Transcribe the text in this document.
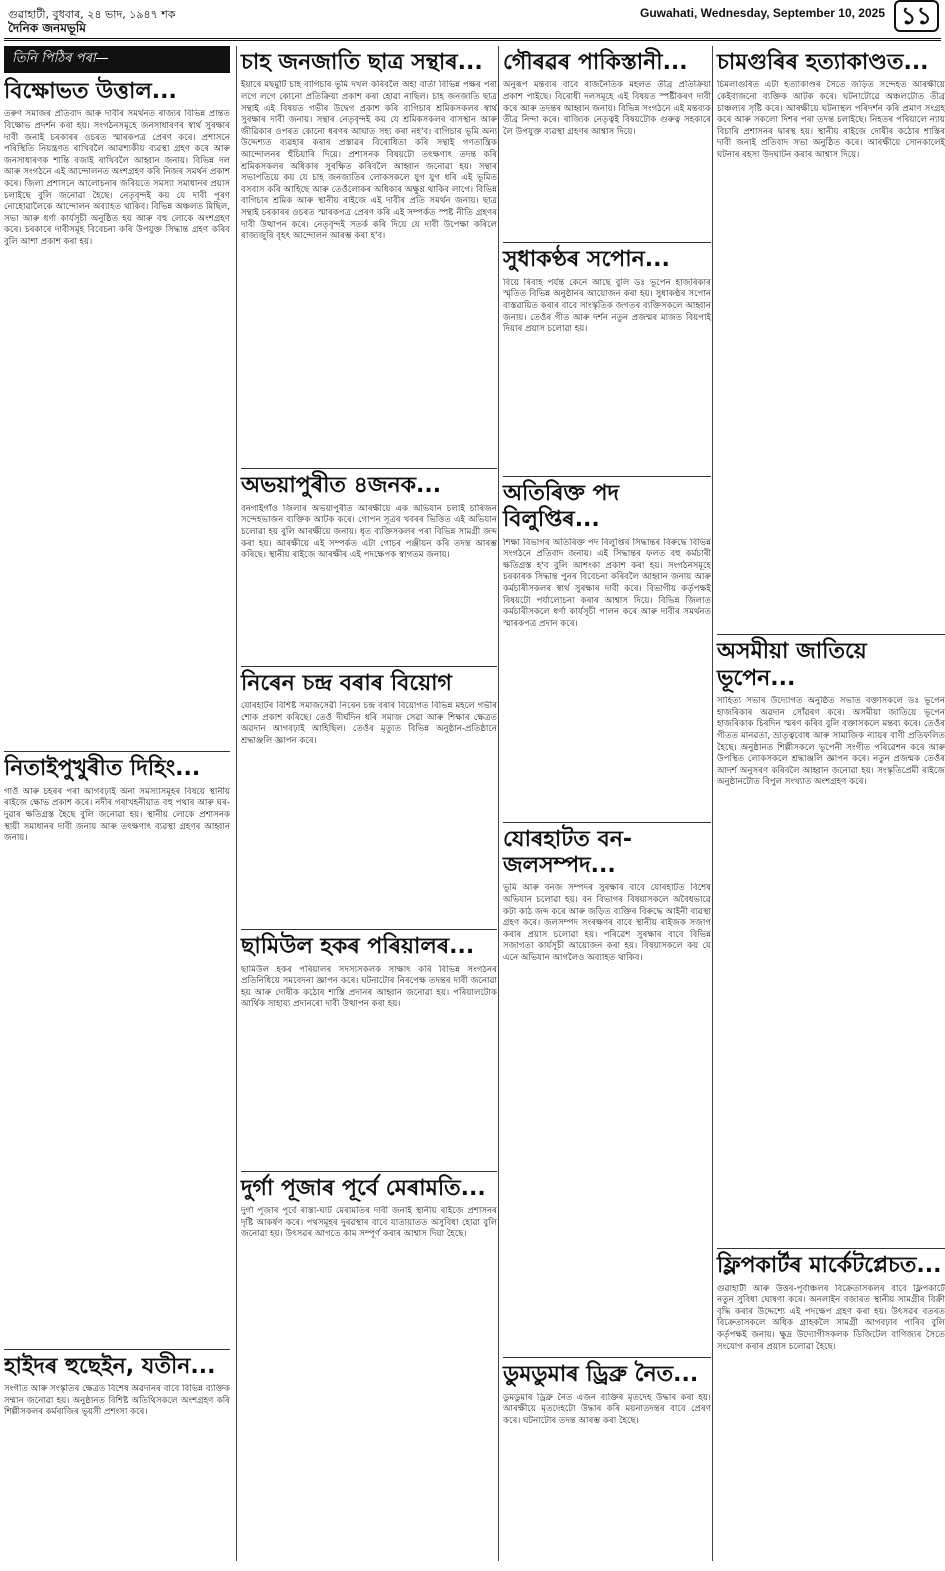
গুৱাহাটী, বুধবাৰ, ২৪ ভাদ, ১৯৪৭ শক	Guwahati, Wednesday, September 10, 2025 ১১
দৈনিক জনমভূমি
তিনি পিঠিৰ পৰা—
বিক্ষোভত উত্তাল...
তৰুণ সমাজৰ প্ৰতিবাদ আৰু দাবীৰ সমৰ্থনত ৰাজ্যৰ বিভিন্ন প্ৰান্তত বিক্ষোভ প্ৰদৰ্শন কৰা হয়। সংগঠনসমূহে জনসাধাৰণৰ স্বাৰ্থ সুৰক্ষাৰ দাবী জনাই চৰকাৰৰ ওচৰত স্মাৰকপত্ৰ প্ৰেৰণ কৰে। প্ৰশাসনে পৰিস্থিতি নিয়ন্ত্ৰণত ৰাখিবলৈ আৱশ্যকীয় ব্যৱস্থা গ্ৰহণ কৰে আৰু জনসাধাৰণক শান্তি বজাই ৰাখিবলৈ আহ্বান জনায়। বিভিন্ন দল আৰু সংগঠনে এই আন্দোলনত অংশগ্ৰহণ কৰি নিজৰ সমৰ্থন প্ৰকাশ কৰে। জিলা প্ৰশাসনে আলোচনাৰ জৰিয়তে সমস্যা সমাধানৰ প্ৰয়াস চলাইছে বুলি জনোৱা হৈছে। নেতৃবৃন্দই কয় যে দাবী পূৰণ নোহোৱালৈকে আন্দোলন অব্যাহত থাকিব। বিভিন্ন অঞ্চলত মিছিল, সভা আৰু ধৰ্ণা কাৰ্যসূচী অনুষ্ঠিত হয় আৰু বহু লোকে অংশগ্ৰহণ কৰে। চৰকাৰে দাবীসমূহ বিবেচনা কৰি উপযুক্ত সিদ্ধান্ত গ্ৰহণ কৰিব বুলি আশা প্ৰকাশ কৰা হয়।
নিতাইপুখুৰীত দিহিং...
গাওঁ আৰু চহৰৰ পৰা আগবঢ়াই অনা সমস্যাসমূহৰ বিষয়ে স্থানীয় ৰাইজে ক্ষোভ প্ৰকাশ কৰে। নদীৰ গৰাখহনীয়াত বহু পথাৰ আৰু ঘৰ-দুৱাৰ ক্ষতিগ্ৰস্ত হৈছে বুলি জনোৱা হয়। স্থানীয় লোকে প্ৰশাসনক স্থায়ী সমাধানৰ দাবী জনায় আৰু তৎক্ষণাৎ ব্যৱস্থা গ্ৰহণৰ আহ্বান জনায়।
হাইদৰ হুছেইন, যতীন...
সংগীত আৰু সংস্কৃতিৰ ক্ষেত্ৰত বিশেষ অৱদানৰ বাবে বিভিন্ন ব্যক্তিক সম্মান জনোৱা হয়। অনুষ্ঠানত বিশিষ্ট অতিথিসকলে অংশগ্ৰহণ কৰি শিল্পীসকলৰ কৰ্মৰাজিৰ ভূয়সী প্ৰশংসা কৰে।
চাহ জনজাতি ছাত্ৰ সন্থাৰ...
ইয়াৰে মছমুটি চাহ বাগিচাৰ ভূমি দখল কৰিবলৈ অহা বাৰ্তা বিভিন্ন পক্ষৰ পৰা লগে লগে কোনো প্ৰতিক্ৰিয়া প্ৰকাশ কৰা হোৱা নাছিল। চাহ জনজাতি ছাত্ৰ সন্থাই এই বিষয়ত গভীৰ উদ্বেগ প্ৰকাশ কৰি বাগিচাৰ শ্ৰমিকসকলৰ স্বাৰ্থ সুৰক্ষাৰ দাবী জনায়। সন্থাৰ নেতৃবৃন্দই কয় যে শ্ৰমিকসকলৰ বাসস্থান আৰু জীৱিকাৰ ওপৰত কোনো ধৰণৰ আঘাত সহ্য কৰা নহ'ব। বাগিচাৰ ভূমি অন্য উদ্দেশ্যত ব্যৱহাৰ কৰাৰ প্ৰস্তাৱৰ বিৰোধিতা কৰি সন্থাই গণতান্ত্ৰিক আন্দোলনৰ হুঁচিয়াৰি দিয়ে। প্ৰশাসনক বিষয়টো তৎক্ষণাৎ তদন্ত কৰি শ্ৰমিকসকলৰ অধিকাৰ সুৰক্ষিত কৰিবলৈ আহ্বান জনোৱা হয়। সন্থাৰ সভাপতিয়ে কয় যে চাহ জনজাতিৰ লোকসকলে যুগ যুগ ধৰি এই ভূমিত বসবাস কৰি আহিছে আৰু তেওঁলোকৰ অধিকাৰ অক্ষুণ্ণ থাকিব লাগে। বিভিন্ন বাগিচাৰ শ্ৰমিক আৰু স্থানীয় ৰাইজে এই দাবীৰ প্ৰতি সমৰ্থন জনায়। ছাত্ৰ সন্থাই চৰকাৰৰ ওচৰত স্মাৰকপত্ৰ প্ৰেৰণ কৰি এই সম্পৰ্কত স্পষ্ট নীতি গ্ৰহণৰ দাবী উত্থাপন কৰে। নেতৃবৃন্দই সতৰ্ক কৰি দিয়ে যে দাবী উপেক্ষা কৰিলে ৰাজ্যজুৰি বৃহৎ আন্দোলন আৰম্ভ কৰা হ'ব।
অভয়াপুৰীত ৪জনক...
বনগাইগাঁও জিলাৰ অভয়াপুৰীত আৰক্ষীয়ে এক অভিযান চলাই চাৰিজন সন্দেহভাজন ব্যক্তিক আটক কৰে। গোপন সূত্ৰৰ খবৰৰ ভিত্তিত এই অভিযান চলোৱা হয় বুলি আৰক্ষীয়ে জনায়। ধৃত ব্যক্তিসকলৰ পৰা বিভিন্ন সামগ্ৰী জব্দ কৰা হয়। আৰক্ষীয়ে এই সম্পৰ্কত এটা গোচৰ পঞ্জীয়ন কৰি তদন্ত আৰম্ভ কৰিছে। স্থানীয় ৰাইজে আৰক্ষীৰ এই পদক্ষেপক স্বাগতম জনায়।
নিৰেন চন্দ্ৰ বৰাৰ বিয়োগ
যোৰহাটৰ বিশিষ্ট সমাজসেৱী নিৰেন চন্দ্ৰ বৰাৰ বিয়োগত বিভিন্ন মহলে গভীৰ শোক প্ৰকাশ কৰিছে। তেওঁ দীৰ্ঘদিন ধৰি সমাজ সেৱা আৰু শিক্ষাৰ ক্ষেত্ৰত অৱদান আগবঢ়াই আহিছিল। তেওঁৰ মৃত্যুত বিভিন্ন অনুষ্ঠান-প্ৰতিষ্ঠানে শ্ৰদ্ধাঞ্জলি জ্ঞাপন কৰে।
ছামিউল হকৰ পৰিয়ালৰ...
ছামিউল হকৰ পৰিয়ালৰ সদস্যসকলক সাক্ষাৎ কৰি বিভিন্ন সংগঠনৰ প্ৰতিনিধিয়ে সমবেদনা জ্ঞাপন কৰে। ঘটনাটোৰ নিৰপেক্ষ তদন্তৰ দাবী জনোৱা হয় আৰু দোষীক কঠোৰ শাস্তি প্ৰদানৰ আহ্বান জনোৱা হয়। পৰিয়ালটোক আৰ্থিক সাহায্য প্ৰদানৰো দাবী উত্থাপন কৰা হয়।
দুৰ্গা পূজাৰ পূৰ্বে মেৰামতি...
দুৰ্গা পূজাৰ পূৰ্বে ৰাস্তা-ঘাট মেৰামতিৰ দাবী জনাই স্থানীয় ৰাইজে প্ৰশাসনৰ দৃষ্টি আকৰ্ষণ কৰে। পথসমূহৰ দুৰৱস্থাৰ বাবে যাতায়াতত অসুবিধা হোৱা বুলি জনোৱা হয়। উৎসৱৰ আগতে কাম সম্পূৰ্ণ কৰাৰ আশ্বাস দিয়া হৈছে।
গৌৰৱৰ পাকিস্তানী...
অনুৰূপ মন্তব্যৰ বাবে ৰাজনৈতিক মহলত তীব্ৰ প্ৰতিক্ৰিয়া প্ৰকাশ পাইছে। বিৰোধী দলসমূহে এই বিষয়ত স্পষ্টীকৰণ দাবী কৰে আৰু তদন্তৰ আহ্বান জনায়। বিভিন্ন সংগঠনে এই মন্তব্যক তীব্ৰ নিন্দা কৰে। ৰাজ্যিক নেতৃত্বই বিষয়টোক গুৰুত্ব সহকাৰে লৈ উপযুক্ত ব্যৱস্থা গ্ৰহণৰ আশ্বাস দিয়ে।
সুধাকণ্ঠৰ সপোন...
বিয়ে ৰিবাহ পৰ্যন্ত কেনে আছে বুলি ডঃ ভূপেন হাজৰিকাৰ স্মৃতিত বিভিন্ন অনুষ্ঠানৰ আয়োজন কৰা হয়। সুধাকণ্ঠৰ সপোন বাস্তৱায়িত কৰাৰ বাবে সাংস্কৃতিক জগতৰ ব্যক্তিসকলে আহ্বান জনায়। তেওঁৰ গীত আৰু দৰ্শন নতুন প্ৰজন্মৰ মাজত বিয়পাই দিয়াৰ প্ৰয়াস চলোৱা হয়।
অতিৰিক্ত পদ বিলুপ্তিৰ...
শিক্ষা বিভাগৰ অতিৰিক্ত পদ বিলুপ্তিৰ সিদ্ধান্তৰ বিৰুদ্ধে বিভিন্ন সংগঠনে প্ৰতিবাদ জনায়। এই সিদ্ধান্তৰ ফলত বহু কৰ্মচাৰী ক্ষতিগ্ৰস্ত হ'ব বুলি আশংকা প্ৰকাশ কৰা হয়। সংগঠনসমূহে চৰকাৰক সিদ্ধান্ত পুনৰ বিবেচনা কৰিবলৈ আহ্বান জনায় আৰু কৰ্মচাৰীসকলৰ স্বাৰ্থ সুৰক্ষাৰ দাবী কৰে। বিভাগীয় কৰ্তৃপক্ষই বিষয়টো পৰ্যালোচনা কৰাৰ আশ্বাস দিয়ে। বিভিন্ন জিলাত কৰ্মচাৰীসকলে ধৰ্ণা কাৰ্যসূচী পালন কৰে আৰু দাবীৰ সমৰ্থনত স্মাৰকপত্ৰ প্ৰদান কৰে।
যোৰহাটত বন-জলসম্পদ...
ভূমি আৰু বনজ সম্পদৰ সুৰক্ষাৰ বাবে যোৰহাটত বিশেষ অভিযান চলোৱা হয়। বন বিভাগৰ বিষয়াসকলে অবৈধভাৱে কটা কাঠ জব্দ কৰে আৰু জড়িত ব্যক্তিৰ বিৰুদ্ধে আইনী ব্যৱস্থা গ্ৰহণ কৰে। জলসম্পদ সংৰক্ষণৰ বাবে স্থানীয় ৰাইজক সজাগ কৰাৰ প্ৰয়াস চলোৱা হয়। পৰিৱেশ সুৰক্ষাৰ বাবে বিভিন্ন সজাগতা কাৰ্যসূচী আয়োজন কৰা হয়। বিষয়াসকলে কয় যে এনে অভিযান আগলৈও অব্যাহত থাকিব।
ডুমডুমাৰ ড্ৰিব্ৰু নৈত...
ডুমডুমাৰ ড্ৰিব্ৰু নৈত এজন ব্যক্তিৰ মৃতদেহ উদ্ধাৰ কৰা হয়। আৰক্ষীয়ে মৃতদেহটো উদ্ধাৰ কৰি ময়নাতদন্তৰ বাবে প্ৰেৰণ কৰে। ঘটনাটোৰ তদন্ত আৰম্ভ কৰা হৈছে।
চামগুৰিৰ হত্যাকাণ্ডত...
চিমলাগুৰিত এটা হত্যাকাণ্ডৰ সৈতে জড়িত সন্দেহত আৰক্ষীয়ে কেইবাজনো ব্যক্তিক আটক কৰে। ঘটনাটোৱে অঞ্চলটোত তীব্ৰ চাঞ্চল্যৰ সৃষ্টি কৰে। আৰক্ষীয়ে ঘটনাস্থল পৰিদৰ্শন কৰি প্ৰমাণ সংগ্ৰহ কৰে আৰু সকলো দিশৰ পৰা তদন্ত চলাইছে। নিহতৰ পৰিয়ালে ন্যায় বিচাৰি প্ৰশাসনৰ দ্বাৰস্থ হয়। স্থানীয় ৰাইজে দোষীৰ কঠোৰ শাস্তিৰ দাবী জনাই প্ৰতিবাদ সভা অনুষ্ঠিত কৰে। আৰক্ষীয়ে সোনকালেই ঘটনাৰ ৰহস্য উদঘাটন কৰাৰ আশ্বাস দিয়ে।
অসমীয়া জাতিয়ে ভূপেন...
সাহিত্য সভাৰ উদ্যোগত অনুষ্ঠিত সভাত বক্তাসকলে ডঃ ভূপেন হাজৰিকাৰ অৱদান সোঁৱৰণ কৰে। অসমীয়া জাতিয়ে ভূপেন হাজৰিকাক চিৰদিন স্মৰণ কৰিব বুলি বক্তাসকলে মন্তব্য কৰে। তেওঁৰ গীতত মানৱতা, ভ্ৰাতৃত্ববোধ আৰু সামাজিক ন্যায়ৰ বাণী প্ৰতিফলিত হৈছে। অনুষ্ঠানত শিল্পীসকলে ভূপেনী সংগীত পৰিৱেশন কৰে আৰু উপস্থিত লোকসকলে শ্ৰদ্ধাঞ্জলি জ্ঞাপন কৰে। নতুন প্ৰজন্মক তেওঁৰ আদৰ্শ অনুসৰণ কৰিবলৈ আহ্বান জনোৱা হয়। সংস্কৃতিপ্ৰেমী ৰাইজে অনুষ্ঠানটোত বিপুল সংখ্যাত অংশগ্ৰহণ কৰে।
ফ্লিপকাৰ্টৰ মাৰ্কেটপ্লেচত...
গুৱাহাটী আৰু উত্তৰ-পূৰ্বাঞ্চলৰ বিক্ৰেতাসকলৰ বাবে ফ্লিপকাৰ্টে নতুন সুবিধা ঘোষণা কৰে। অনলাইন বজাৰত স্থানীয় সামগ্ৰীৰ বিক্ৰী বৃদ্ধি কৰাৰ উদ্দেশ্যে এই পদক্ষেপ গ্ৰহণ কৰা হয়। উৎসৱৰ বতৰত বিক্ৰেতাসকলে অধিক গ্ৰাহকলৈ সামগ্ৰী আগবঢ়াব পাৰিব বুলি কৰ্তৃপক্ষই জনায়। ক্ষুদ্ৰ উদ্যোগীসকলক ডিজিটেল বাণিজ্যৰ সৈতে সংযোগ কৰাৰ প্ৰয়াস চলোৱা হৈছে।
